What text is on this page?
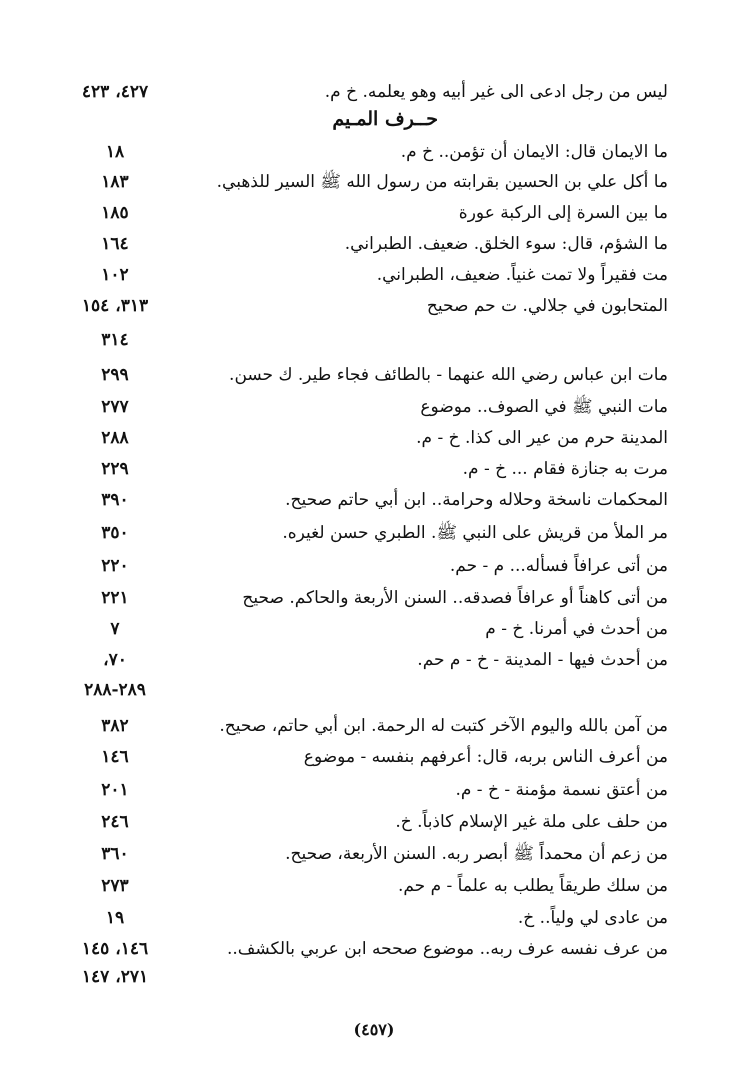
ليس من رجل ادعى الى غير أبيه وهو يعلمه. خ م.
٤٢٧، ٤٢٣
حــرف المـيم
ما الايمان قال: الايمان أن تؤمن.. خ م.
١٨
ما أكل علي بن الحسين بقرابته من رسول الله ﷺ السير للذهبي.
١٨٣
ما بين السرة إلى الركبة عورة
١٨٥
ما الشؤم، قال: سوء الخلق. ضعيف. الطبراني.
١٦٤
مت فقيراً ولا تمت غنياً. ضعيف، الطبراني.
١٠٢
المتحابون في جلالي. ت حم صحيح
٣١٣، ١٥٤
٣١٤
مات ابن عباس رضي الله عنهما - بالطائف فجاء طير. ك حسن.
٢٩٩
مات النبي ﷺ في الصوف.. موضوع
٢٧٧
المدينة حرم من عير الى كذا. خ - م.
٢٨٨
مرت به جنازة فقام ... خ - م.
٢٢٩
المحكمات ناسخة وحلاله وحرامة.. ابن أبي حاتم صحيح.
٣٩٠
مر الملأ من قريش على النبي ﷺ. الطبري حسن لغيره.
٣٥٠
من أتى عرافاً فسأله... م - حم.
٢٢٠
من أتى كاهناً أو عرافاً فصدقه.. السنن الأربعة والحاكم. صحيح
٢٢١
من أحدث في أمرنا. خ - م
٧
من أحدث فيها - المدينة - خ - م حم.
٧٠،
٢٨٩-٢٨٨
من آمن بالله واليوم الآخر كتبت له الرحمة. ابن أبي حاتم، صحيح.
٣٨٢
من أعرف الناس بربه، قال: أعرفهم بنفسه - موضوع
١٤٦
من أعتق نسمة مؤمنة - خ - م.
٢٠١
من حلف على ملة غير الإسلام كاذباً. خ.
٢٤٦
من زعم أن محمداً ﷺ أبصر ربه. السنن الأربعة، صحيح.
٣٦٠
من سلك طريقاً يطلب به علماً - م حم.
٢٧٣
من عادى لي ولياً.. خ.
١٩
من عرف نفسه عرف ربه.. موضوع صححه ابن عربي بالكشف..
١٤٦، ١٤٥
٢٧١، ١٤٧
(٤٥٧)
